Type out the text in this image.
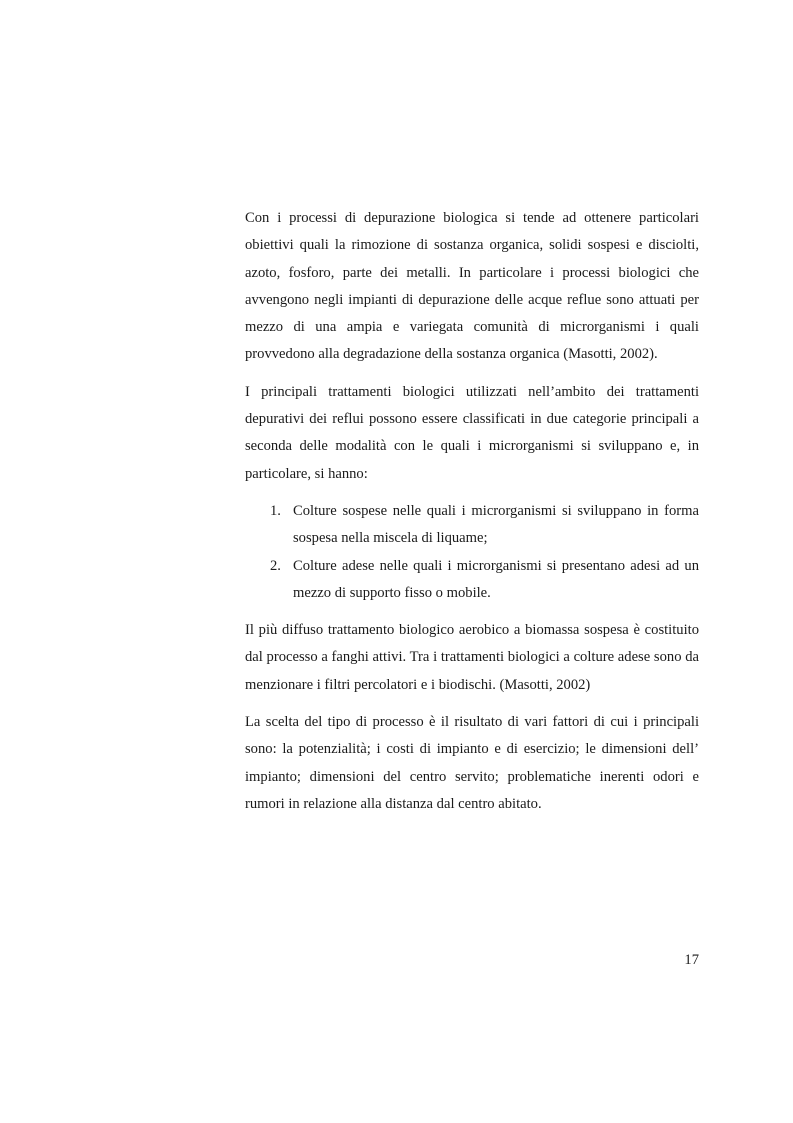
Con i processi di depurazione biologica si tende ad ottenere particolari obiettivi quali la rimozione di sostanza organica, solidi sospesi e disciolti, azoto, fosforo, parte dei metalli. In particolare i processi biologici che avvengono negli impianti di depurazione delle acque reflue sono attuati per mezzo di una ampia e variegata comunità di microrganismi i quali provvedono alla degradazione della sostanza organica (Masotti, 2002).

I principali trattamenti biologici utilizzati nell’ambito dei trattamenti depurativi dei reflui possono essere classificati in due categorie principali a seconda delle modalità con le quali i microrganismi si sviluppano e, in particolare, si hanno:

1. Colture sospese nelle quali i microrganismi si sviluppano in forma sospesa nella miscela di liquame;
2. Colture adese nelle quali i microrganismi si presentano adesi ad un mezzo di supporto fisso o mobile.

Il più diffuso trattamento biologico aerobico a biomassa sospesa è costituito dal processo a fanghi attivi. Tra i trattamenti biologici a colture adese sono da menzionare i filtri percolatori e i biodischi. (Masotti, 2002)

La scelta del tipo di processo è il risultato di vari fattori di cui i principali sono: la potenzialità; i costi di impianto e di esercizio; le dimensioni dell’ impianto; dimensioni del centro servito; problematiche inerenti odori e rumori in relazione alla distanza dal centro abitato.

17
